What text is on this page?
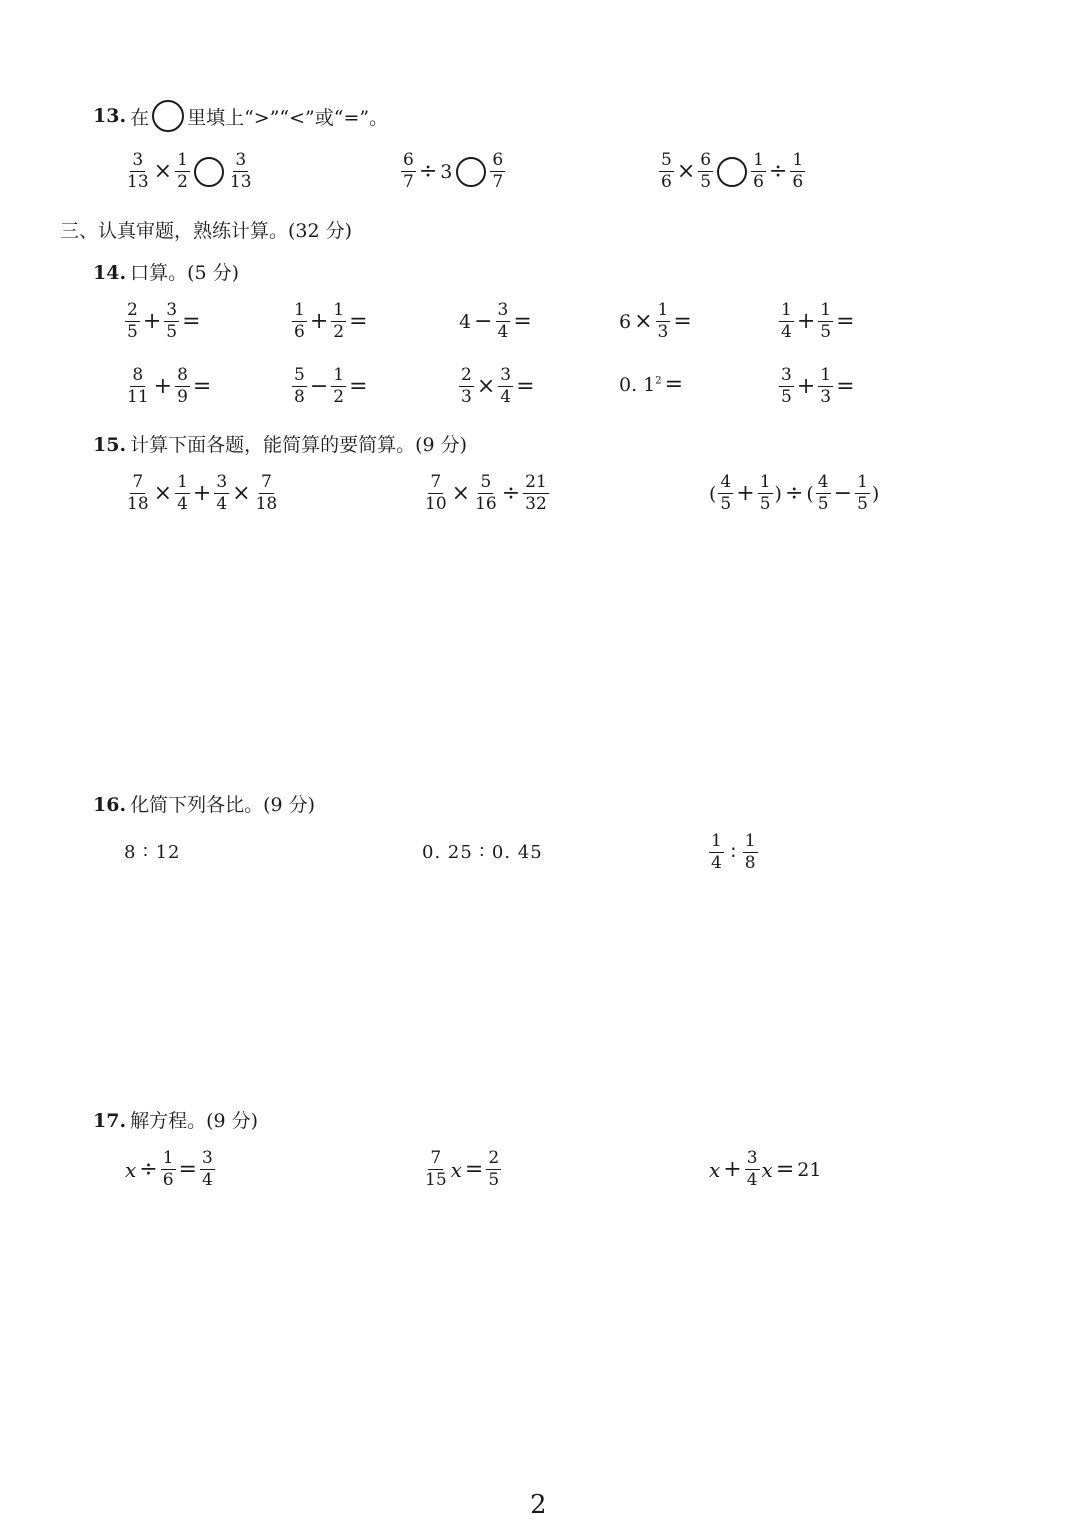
13. 在 里填上“>”“<”或“=”。
$\frac{3}{13} \times \frac{1}{2} \frac{3}{13}$	$\frac{6}{7} \div 3 \frac{6}{7}$	$\frac{5}{6} \times \frac{6}{5} \frac{1}{6} \div \frac{1}{6}$
三、认真审题，熟练计算。(32 分)
14. 口算。(5 分)
$\frac{2}{5} + \frac{3}{5}$ =	$\frac{1}{6} + \frac{1}{2}$ =	$4 - \frac{3}{4}$ =	$6 \times \frac{1}{3}$ =	$\frac{1}{4} + \frac{1}{5}$ =
$\frac{8}{11} + \frac{8}{9}$ =	$\frac{5}{8} - \frac{1}{2}$ =	$\frac{2}{3} \times \frac{3}{4}$ =	0. $1^2$ =	$\frac{3}{5} + \frac{1}{3}$ =
15. 计算下面各题，能简算的要简算。(9 分)
$\frac{7}{18} \times \frac{1}{4} + \frac{3}{4} \times \frac{7}{18}$	$\frac{7}{10} \times \frac{5}{16} \div \frac{21}{32}$	( $\frac{4}{5} + \frac{1}{5}$ ) ÷ ( $\frac{4}{5} - \frac{1}{5}$ )
16. 化简下列各比。(9 分)
8 ∶ 12	0. 25 ∶ 0. 45	$\frac{1}{4}$ ∶ $\frac{1}{8}$
17. 解方程。(9 分)
$x \div \frac{1}{6} = \frac{3}{4}$	$\frac{7}{15}$ $x = \frac{2}{5}$	$x + \frac{3}{4}$ x = 21
2
